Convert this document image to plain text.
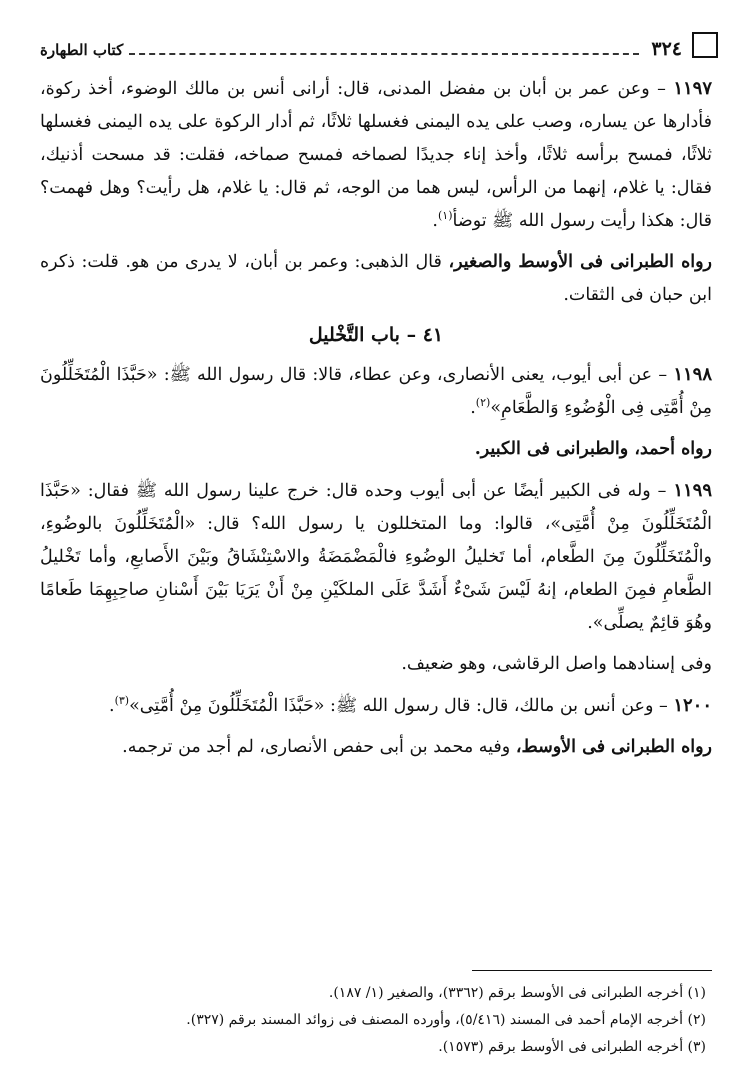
٣٢٤
كتاب الطهارة

١١٩٧ – وعن عمر بن أبان بن مفضل المدنى، قال: أرانى أنس بن مالك الوضوء، أخذ ركوة، فأدارها عن يساره، وصب على يده اليمنى فغسلها ثلاثًا، ثم أدار الركوة على يده اليمنى فغسلها ثلاثًا، فمسح برأسه ثلاثًا، وأخذ إناء جديدًا لصماخه فمسح صماخه، فقلت: قد مسحت أذنيك، فقال: يا غلام، إنهما من الرأس، ليس هما من الوجه، ثم قال: يا غلام، هل رأيت؟ وهل فهمت؟ قال: هكذا رأيت رسول الله ﷺ توضأ$^{(١)}$.

رواه الطبرانى فى الأوسط والصغير، قال الذهبى: وعمر بن أبان، لا يدرى من هو. قلت: ذكره ابن حبان فى الثقات.

٤١ – باب التَّخْليل

١١٩٨ – عن أبى أيوب، يعنى الأنصارى، وعن عطاء، قالا: قال رسول الله ﷺ: «حَبَّذَا الْمُتَخَلِّلُونَ مِنْ أُمَّتِى فِى الْوُضُوءِ وَالطَّعَامِ»$^{(٢)}$.

رواه أحمد، والطبرانى فى الكبير.

١١٩٩ – وله فى الكبير أيضًا عن أبى أيوب وحده قال: خرج علينا رسول الله ﷺ فقال: «حَبَّذَا الْمُتَخَلِّلُونَ مِنْ أُمَّتِى»، قالوا: وما المتخللون يا رسول الله؟ قال: «الْمُتَخَلِّلُونَ بالوضُوءِ، والْمُتَخَلِّلُونَ مِنَ الطَّعام، أما تَخليلُ الوضُوءِ فالْمَضْمَضَةُ والاسْتِنْشَاقُ وبَيْنَ الأَصابعِ، وأما تَخْليلُ الطَّعامِ فمِنَ الطعام، إنهُ لَيْسَ شَىْءٌ أَشَدَّ عَلَى الملكَيْنِ مِنْ أَنْ يَرَيَا بَيْنَ أَسْنانِ صاحِبِهِمَا طَعامًا وهُوَ قائِمٌ يصلِّى».

وفى إسنادهما واصل الرقاشى، وهو ضعيف.

١٢٠٠ – وعن أنس بن مالك، قال: قال رسول الله ﷺ: «حَبَّذَا الْمُتَخَلِّلُونَ مِنْ أُمَّتِى»$^{(٣)}$.

رواه الطبرانى فى الأوسط، وفيه محمد بن أبى حفص الأنصارى، لم أجد من ترجمه.

(١) أخرجه الطبرانى فى الأوسط برقم (٣٣٦٢)، والصغير (١/ ١٨٧).

(٢) أخرجه الإمام أحمد فى المسند (٥/٤١٦)، وأورده المصنف فى زوائد المسند برقم (٣٢٧).

(٣) أخرجه الطبرانى فى الأوسط برقم (١٥٧٣).
